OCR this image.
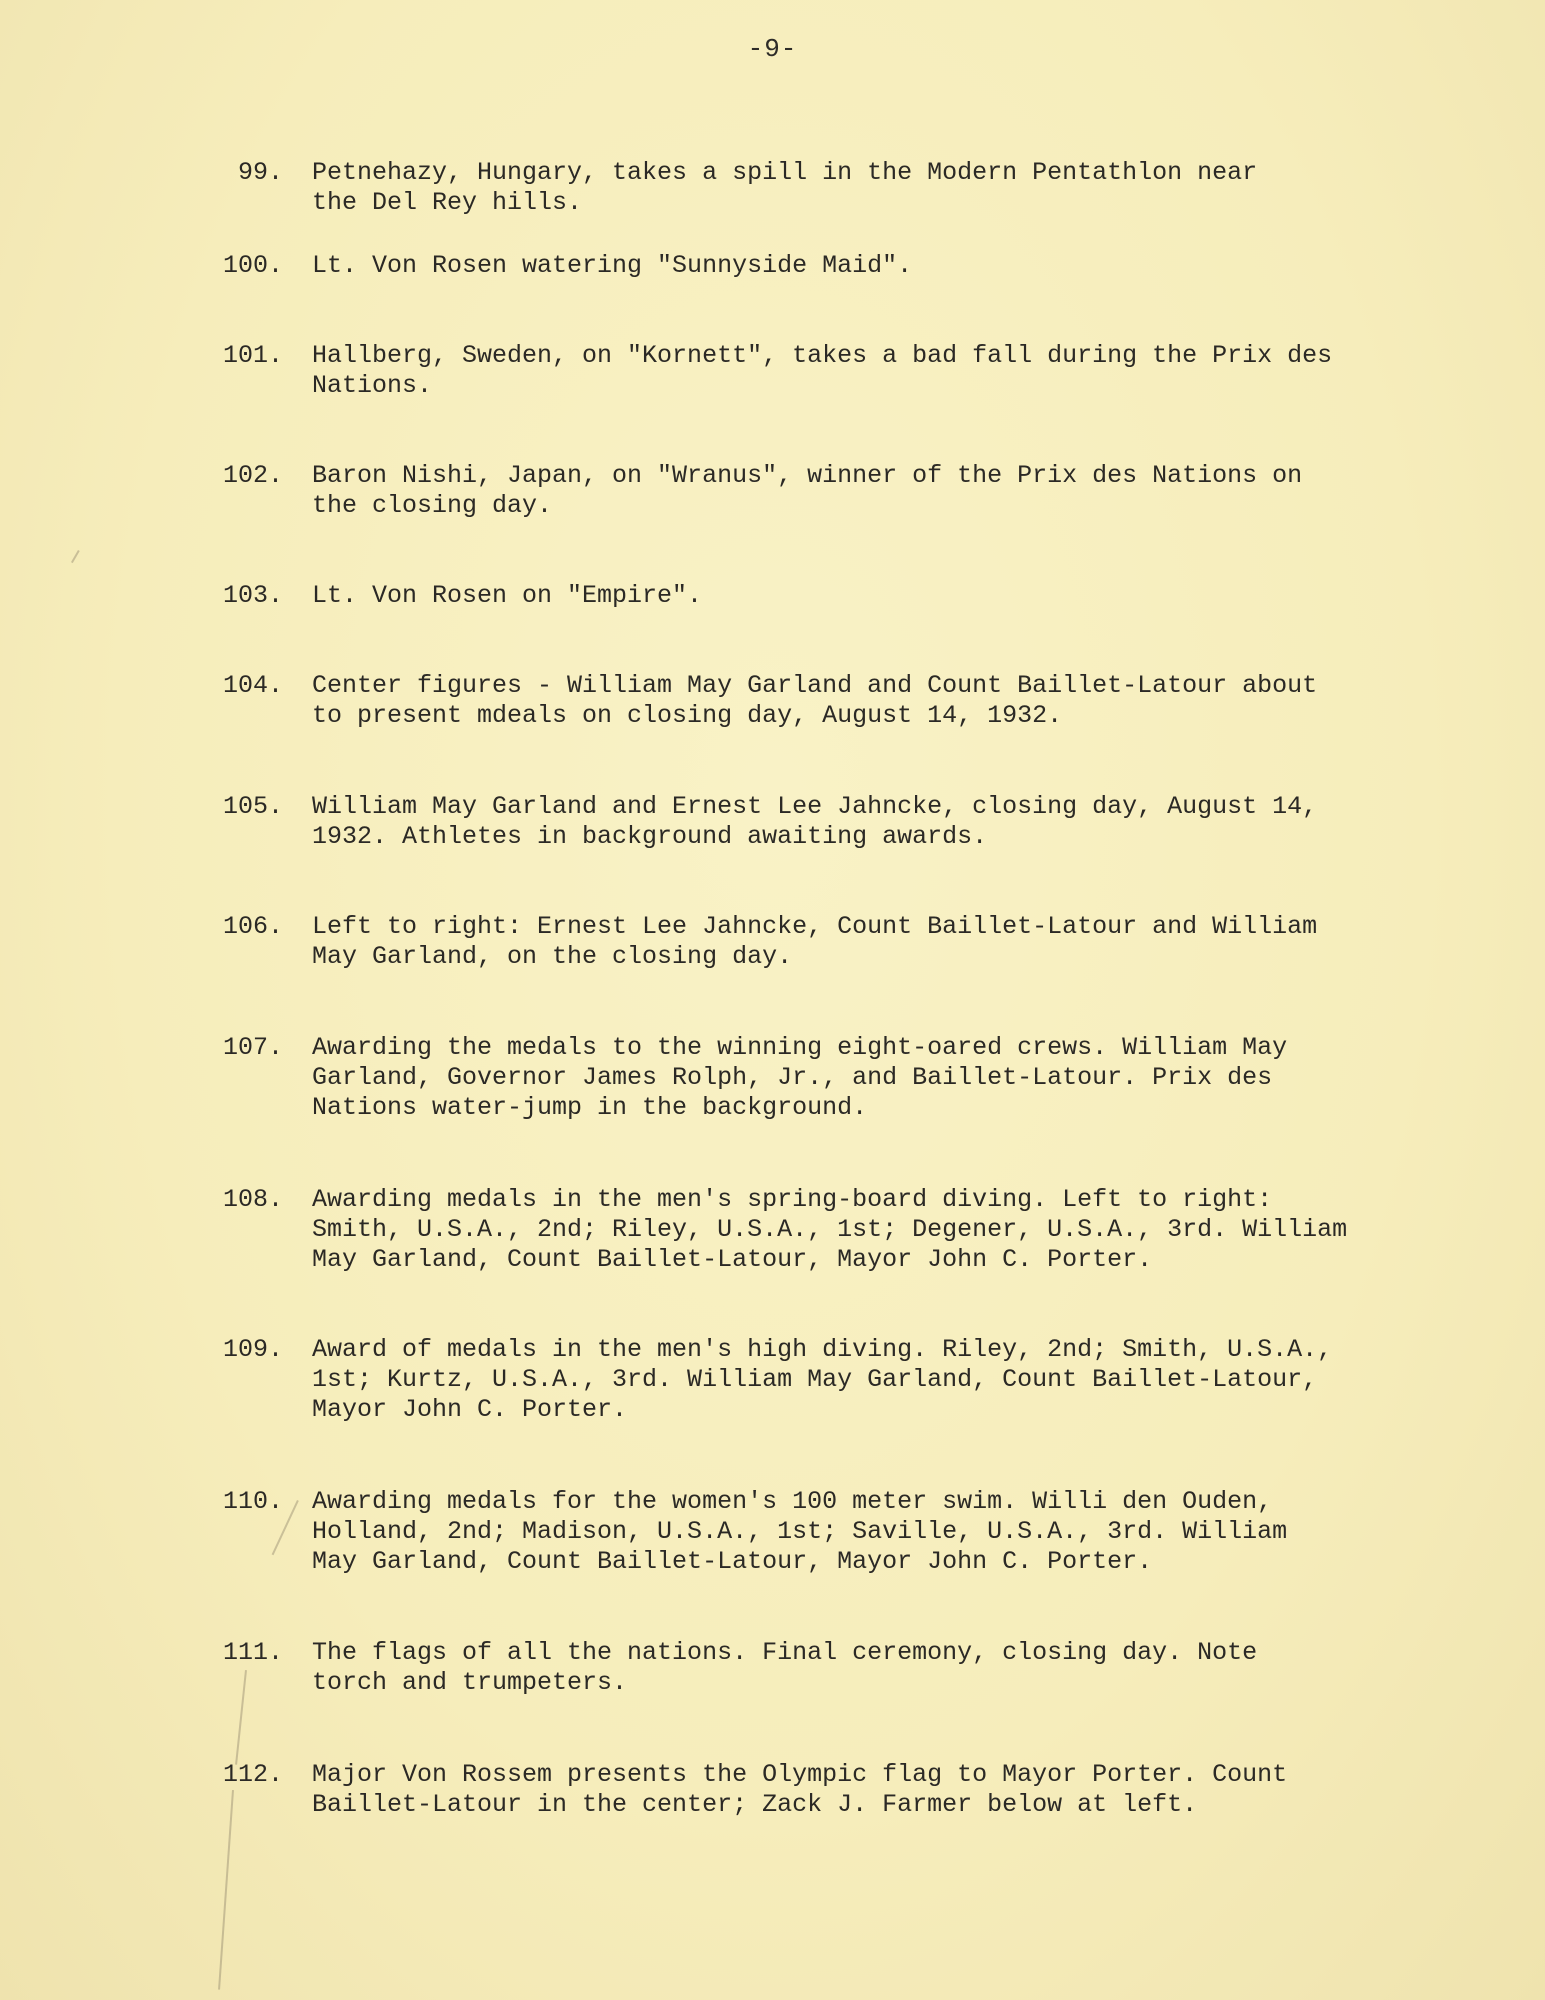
-9-
99. Petnehazy, Hungary, takes a spill in the Modern Pentathlon near
the Del Rey hills.
100. Lt. Von Rosen watering "Sunnyside Maid".
101. Hallberg, Sweden, on "Kornett", takes a bad fall during the Prix des
Nations.
102. Baron Nishi, Japan, on "Wranus", winner of the Prix des Nations on
the closing day.
103. Lt. Von Rosen on "Empire".
104. Center figures - William May Garland and Count Baillet-Latour about
to present mdeals on closing day, August 14, 1932.
105. William May Garland and Ernest Lee Jahncke, closing day, August 14,
1932. Athletes in background awaiting awards.
106. Left to right: Ernest Lee Jahncke, Count Baillet-Latour and William
May Garland, on the closing day.
107. Awarding the medals to the winning eight-oared crews. William May
Garland, Governor James Rolph, Jr., and Baillet-Latour. Prix des
Nations water-jump in the background.
108. Awarding medals in the men's spring-board diving. Left to right:
Smith, U.S.A., 2nd; Riley, U.S.A., 1st; Degener, U.S.A., 3rd. William
May Garland, Count Baillet-Latour, Mayor John C. Porter.
109. Award of medals in the men's high diving. Riley, 2nd; Smith, U.S.A.,
1st; Kurtz, U.S.A., 3rd. William May Garland, Count Baillet-Latour,
Mayor John C. Porter.
110. Awarding medals for the women's 100 meter swim. Willi den Ouden,
Holland, 2nd; Madison, U.S.A., 1st; Saville, U.S.A., 3rd. William
May Garland, Count Baillet-Latour, Mayor John C. Porter.
111. The flags of all the nations. Final ceremony, closing day. Note
torch and trumpeters.
112. Major Von Rossem presents the Olympic flag to Mayor Porter. Count
Baillet-Latour in the center; Zack J. Farmer below at left.
